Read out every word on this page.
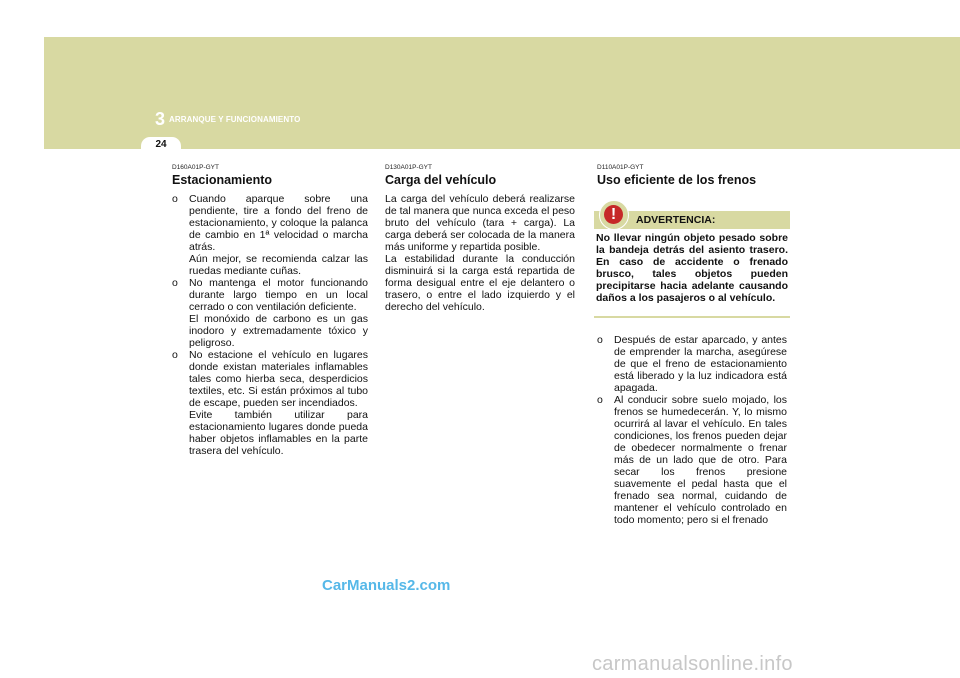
3 ARRANQUE Y FUNCIONAMIENTO
24
D160A01P-GYT
Estacionamiento
o Cuando aparque sobre una pendiente, tire a fondo del freno de estacionamiento, y coloque la palanca de cambio en 1ª velocidad o marcha atrás.
Aún mejor, se recomienda calzar las ruedas mediante cuñas.
o No mantenga el motor funcionando durante largo tiempo en un local cerrado o con ventilación deficiente.
El monóxido de carbono es un gas inodoro y extremadamente tóxico y peligroso.
o No estacione el vehículo en lugares donde existan materiales inflamables tales como hierba seca, desperdicios textiles, etc. Si están próximos al tubo de escape, pueden ser incendiados.
Evite también utilizar para estacionamiento lugares donde pueda haber objetos inflamables en la parte trasera del vehículo.
D130A01P-GYT
Carga del vehículo
La carga del vehículo deberá realizarse de tal manera que nunca exceda el peso bruto del vehículo (tara + carga). La carga deberá ser colocada de la manera más uniforme y repartida posible.
La estabilidad durante la conducción disminuirá si la carga está repartida de forma desigual entre el eje delantero o trasero, o entre el lado izquierdo y el derecho del vehículo.
D110A01P-GYT
Uso eficiente de los frenos
!	ADVERTENCIA:
No llevar ningún objeto pesado sobre la bandeja detrás del asiento trasero. En caso de accidente o frenado brusco, tales objetos pueden precipitarse hacia adelante causando daños a los pasajeros o al vehículo.
o Después de estar aparcado, y antes de emprender la marcha, asegúrese de que el freno de estacionamiento está liberado y la luz indicadora está apagada.
o Al conducir sobre suelo mojado, los frenos se humedecerán. Y, lo mismo ocurrirá al lavar el vehículo. En tales condiciones, los frenos pueden dejar de obedecer normalmente o frenar más de un lado que de otro. Para secar los frenos presione suavemente el pedal hasta que el frenado sea normal, cuidando de mantener el vehículo controlado en todo momento; pero si el frenado
CarManuals2.com
carmanualsonline.info
